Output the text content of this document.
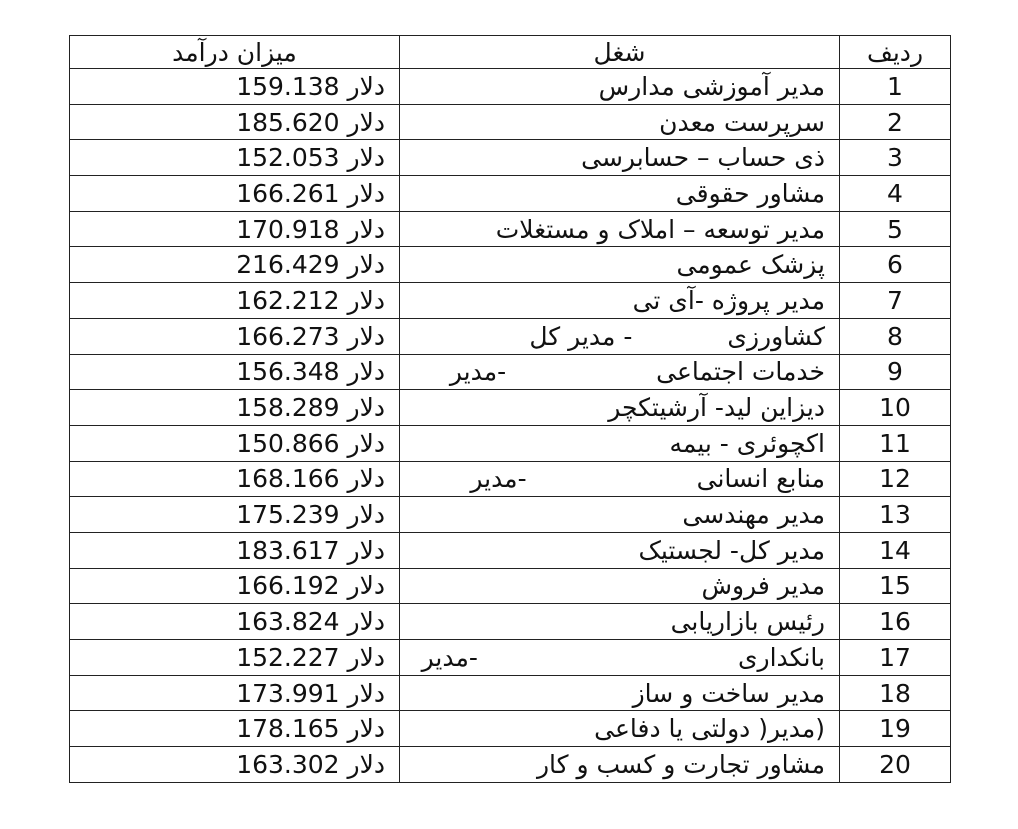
میزان درآمد	شغل	ردیف
دلار 159.138	مدیر آموزشی مدارس	1
دلار 185.620	سرپرست معدن	2
دلار 152.053	ذی حساب – حسابرسی	3
دلار 166.261	مشاور حقوقی	4
دلار 170.918	مدیر توسعه – املاک و مستغلات	5
دلار 216.429	پزشک عمومی	6
دلار 162.212	مدیر پروژه -آی تی	7
دلار 166.273	کشاورزی- مدیر کل	8
دلار 156.348	خدمات اجتماعی-مدیر	9
دلار 158.289	دیزاین لید- آرشیتکچر	10
دلار 150.866	اکچوئری - بیمه	11
دلار 168.166	منابع انسانی-مدیر	12
دلار 175.239	مدیر مهندسی	13
دلار 183.617	مدیر کل- لجستیک	14
دلار 166.192	مدیر فروش	15
دلار 163.824	رئیس بازاریابی	16
دلار 152.227	بانکداری-مدیر	17
دلار 173.991	مدیر ساخت و ساز	18
دلار 178.165	(مدیر( دولتی یا دفاعی	19
دلار 163.302	مشاور تجارت و کسب و کار	20
